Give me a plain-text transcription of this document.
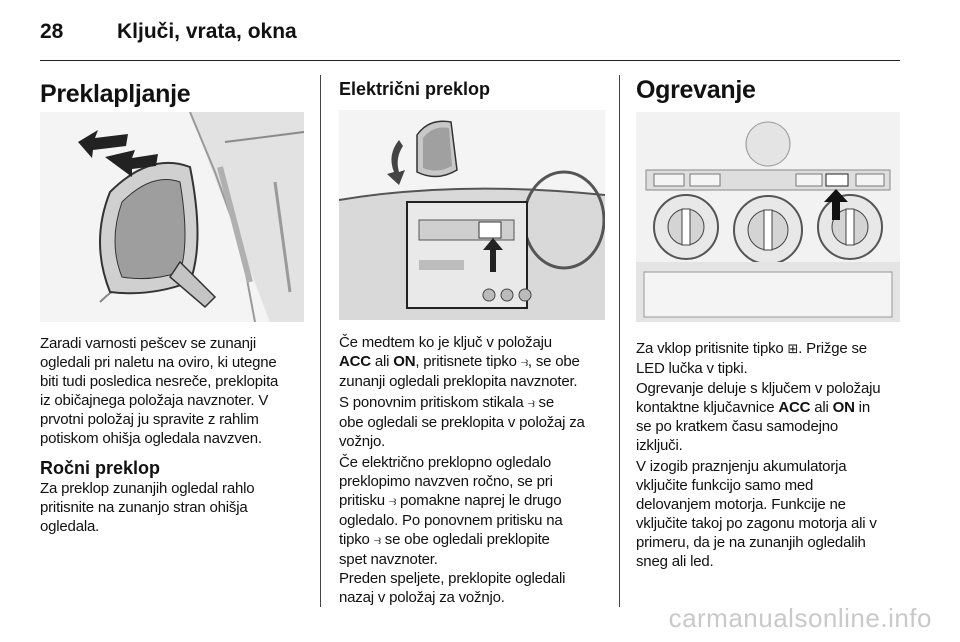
28	Ključi, vrata, okna
Preklapljanje
Zaradi varnosti pešcev se zunanji
ogledali pri naletu na oviro, ki utegne
biti tudi posledica nesreče, preklopita
iz običajnega položaja navznoter. V
prvotni položaj ju spravite z rahlim
potiskom ohišja ogledala navzven.
Ročni preklop
Za preklop zunanjih ogledal rahlo
pritisnite na zunanjo stran ohišja
ogledala.
Električni preklop
Če medtem ko je ključ v položaju
ACC ali ON, pritisnete tipko ⥽, se obe
zunanji ogledali preklopita navznoter.
S ponovnim pritiskom stikala ⥽ se
obe ogledali se preklopita v položaj za
vožnjo.
Če električno preklopno ogledalo
preklopimo navzven ročno, se pri
pritisku ⥽ pomakne naprej le drugo
ogledalo. Po ponovnem pritisku na
tipko ⥽ se obe ogledali preklopite
spet navznoter.
Preden speljete, preklopite ogledali
nazaj v položaj za vožnjo.
Ogrevanje
Za vklop pritisnite tipko ⊞. Prižge se
LED lučka v tipki.
Ogrevanje deluje s ključem v položaju
kontaktne ključavnice ACC ali ON in
se po kratkem času samodejno
izključi.
V izogib praznjenju akumulatorja
vključite funkcijo samo med
delovanjem motorja. Funkcije ne
vključite takoj po zagonu motorja ali v
primeru, da je na zunanjih ogledalih
sneg ali led.
carmanualsonline.info
